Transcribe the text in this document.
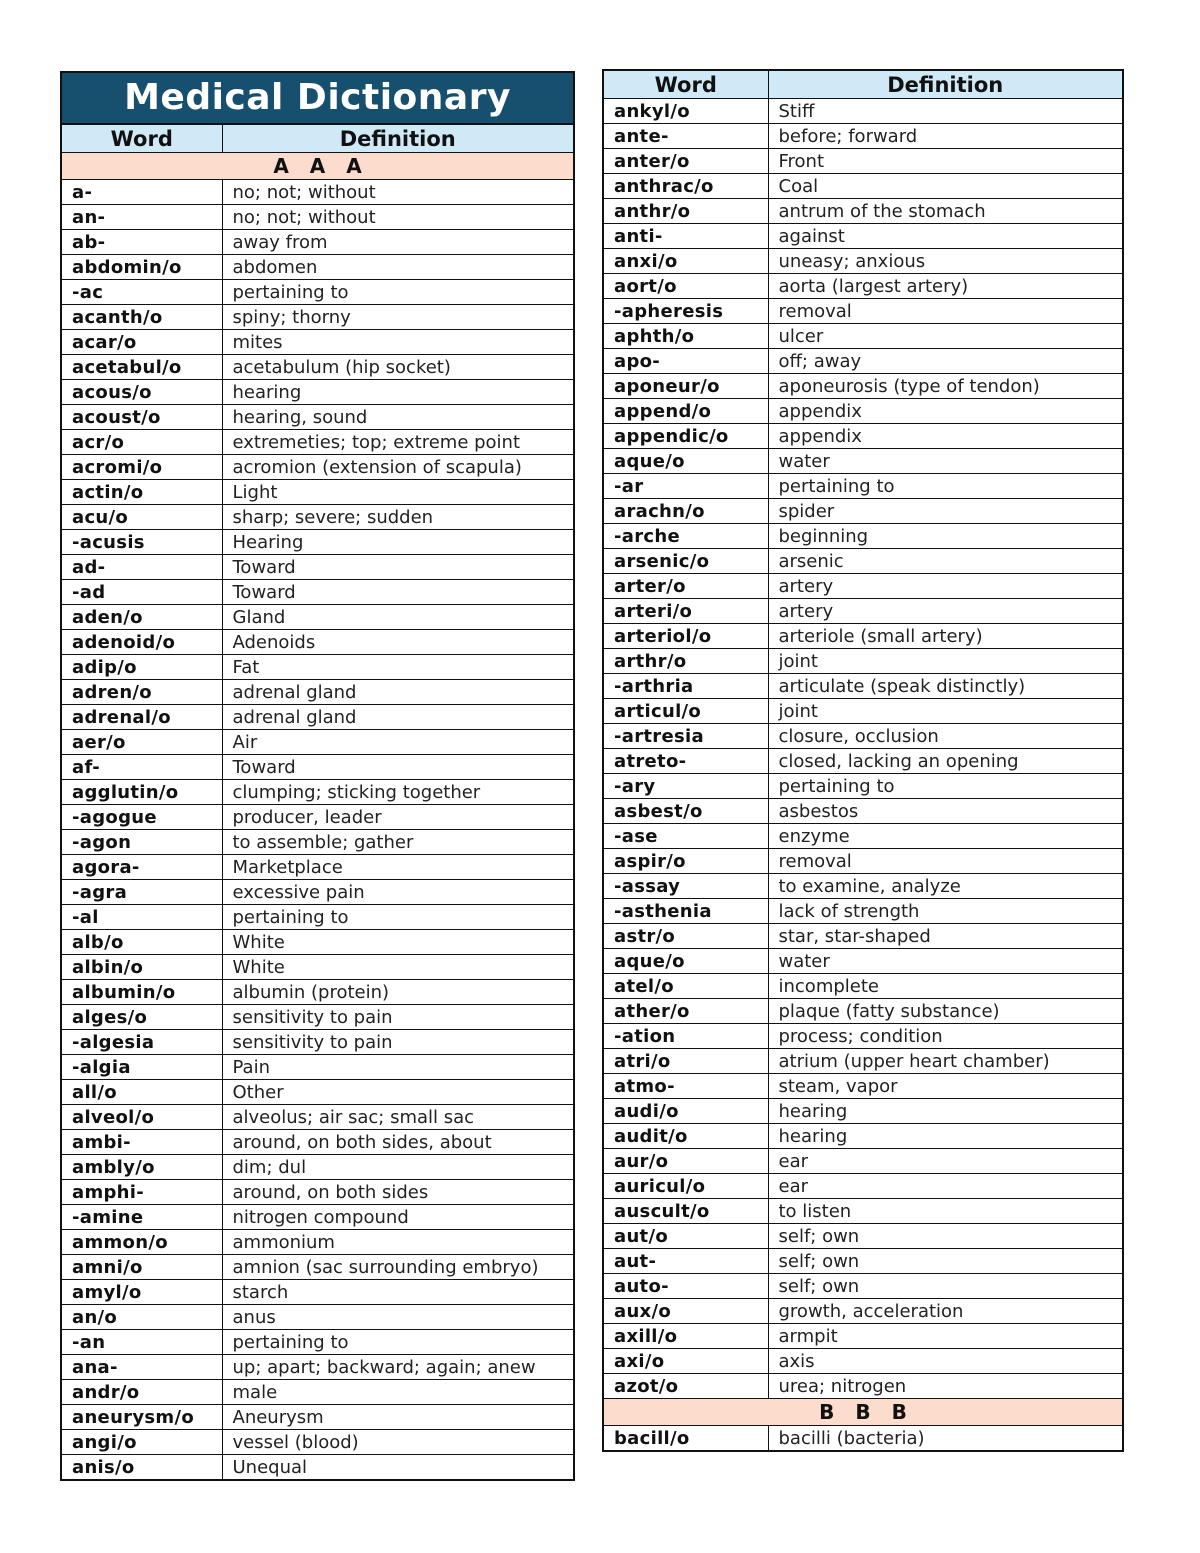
Medical Dictionary
Word	Definition
A A A	
a-	no; not; without
an-	no; not; without
ab-	away from
abdomin/o	abdomen
-ac	pertaining to
acanth/o	spiny; thorny
acar/o	mites
acetabul/o	acetabulum (hip socket)
acous/o	hearing
acoust/o	hearing, sound
acr/o	extremeties; top; extreme point
acromi/o	acromion (extension of scapula)
actin/o	Light
acu/o	sharp; severe; sudden
-acusis	Hearing
ad-	Toward
-ad	Toward
aden/o	Gland
adenoid/o	Adenoids
adip/o	Fat
adren/o	adrenal gland
adrenal/o	adrenal gland
aer/o	Air
af-	Toward
agglutin/o	clumping; sticking together
-agogue	producer, leader
-agon	to assemble; gather
agora-	Marketplace
-agra	excessive pain
-al	pertaining to
alb/o	White
albin/o	White
albumin/o	albumin (protein)
alges/o	sensitivity to pain
-algesia	sensitivity to pain
-algia	Pain
all/o	Other
alveol/o	alveolus; air sac; small sac
ambi-	around, on both sides, about
ambly/o	dim; dul
amphi-	around, on both sides
-amine	nitrogen compound
ammon/o	ammonium
amni/o	amnion (sac surrounding embryo)
amyl/o	starch
an/o	anus
-an	pertaining to
ana-	up; apart; backward; again; anew
andr/o	male
aneurysm/o	Aneurysm
angi/o	vessel (blood)
anis/o	Unequal
Word	Definition
ankyl/o	Stiff
ante-	before; forward
anter/o	Front
anthrac/o	Coal
anthr/o	antrum of the stomach
anti-	against
anxi/o	uneasy; anxious
aort/o	aorta (largest artery)
-apheresis	removal
aphth/o	ulcer
apo-	off; away
aponeur/o	aponeurosis (type of tendon)
append/o	appendix
appendic/o	appendix
aque/o	water
-ar	pertaining to
arachn/o	spider
-arche	beginning
arsenic/o	arsenic
arter/o	artery
arteri/o	artery
arteriol/o	arteriole (small artery)
arthr/o	joint
-arthria	articulate (speak distinctly)
articul/o	joint
-artresia	closure, occlusion
atreto-	closed, lacking an opening
-ary	pertaining to
asbest/o	asbestos
-ase	enzyme
aspir/o	removal
-assay	to examine, analyze
-asthenia	lack of strength
astr/o	star, star-shaped
aque/o	water
atel/o	incomplete
ather/o	plaque (fatty substance)
-ation	process; condition
atri/o	atrium (upper heart chamber)
atmo-	steam, vapor
audi/o	hearing
audit/o	hearing
aur/o	ear
auricul/o	ear
auscult/o	to listen
aut/o	self; own
aut-	self; own
auto-	self; own
aux/o	growth, acceleration
axill/o	armpit
axi/o	axis
azot/o	urea; nitrogen
B B B	
bacill/o	bacilli (bacteria)
